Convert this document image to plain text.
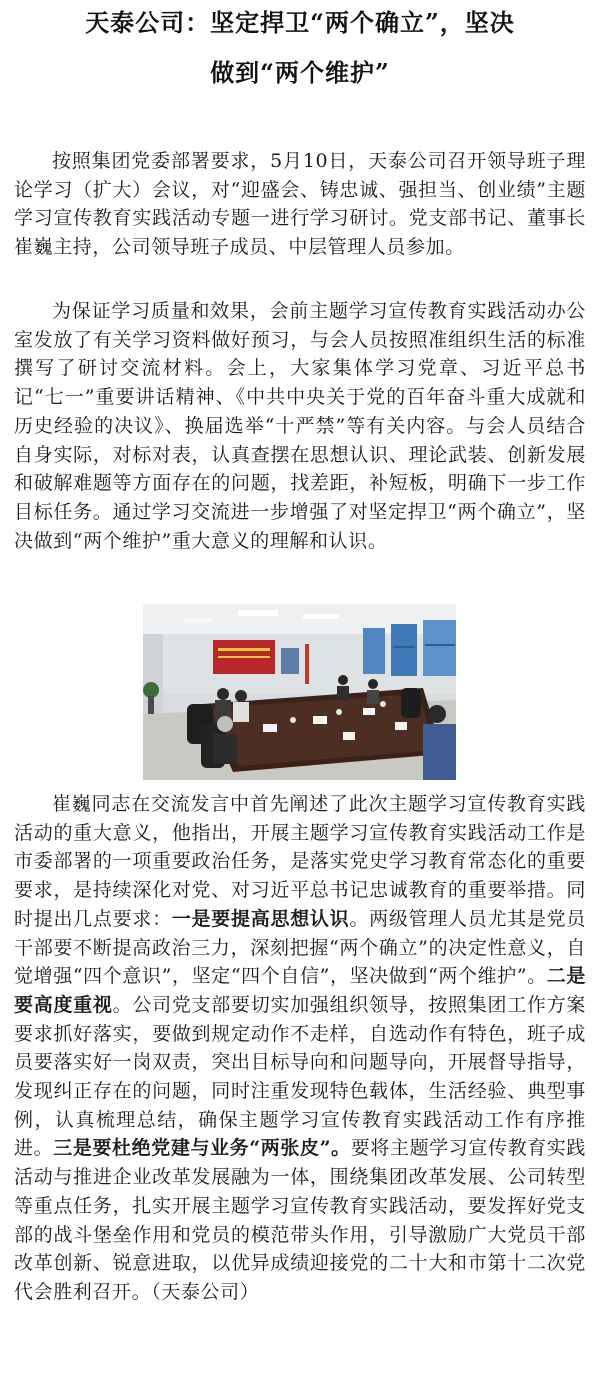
天泰公司：坚定捍卫“两个确立”，坚决
做到“两个维护”

按照集团党委部署要求，5月10日，天泰公司召开领导班子理论学习（扩大）会议，对“迎盛会、铸忠诚、强担当、创业绩”主题学习宣传教育实践活动专题一进行学习研讨。党支部书记、董事长崔巍主持，公司领导班子成员、中层管理人员参加。

为保证学习质量和效果，会前主题学习宣传教育实践活动办公室发放了有关学习资料做好预习，与会人员按照准组织生活的标准撰写了研讨交流材料。会上，大家集体学习党章、习近平总书记“七一”重要讲话精神、《中共中央关于党的百年奋斗重大成就和历史经验的决议》、换届选举“十严禁”等有关内容。与会人员结合自身实际，对标对表，认真查摆在思想认识、理论武装、创新发展和破解难题等方面存在的问题，找差距，补短板，明确下一步工作目标任务。通过学习交流进一步增强了对坚定捍卫“两个确立”，坚决做到“两个维护”重大意义的理解和认识。

崔巍同志在交流发言中首先阐述了此次主题学习宣传教育实践活动的重大意义，他指出，开展主题学习宣传教育实践活动工作是市委部署的一项重要政治任务，是落实党史学习教育常态化的重要要求，是持续深化对党、对习近平总书记忠诚教育的重要举措。同时提出几点要求：一是要提高思想认识。两级管理人员尤其是党员干部要不断提高政治三力，深刻把握“两个确立”的决定性意义，自觉增强“四个意识”，坚定“四个自信”，坚决做到“两个维护”。二是要高度重视。公司党支部要切实加强组织领导，按照集团工作方案要求抓好落实，要做到规定动作不走样，自选动作有特色，班子成员要落实好一岗双责，突出目标导向和问题导向，开展督导指导，发现纠正存在的问题，同时注重发现特色载体，生活经验、典型事例，认真梳理总结，确保主题学习宣传教育实践活动工作有序推进。三是要杜绝党建与业务“两张皮”。要将主题学习宣传教育实践活动与推进企业改革发展融为一体，围绕集团改革发展、公司转型等重点任务，扎实开展主题学习宣传教育实践活动，要发挥好党支部的战斗堡垒作用和党员的模范带头作用，引导激励广大党员干部改革创新、锐意进取，以优异成绩迎接党的二十大和市第十二次党代会胜利召开。（天泰公司）
